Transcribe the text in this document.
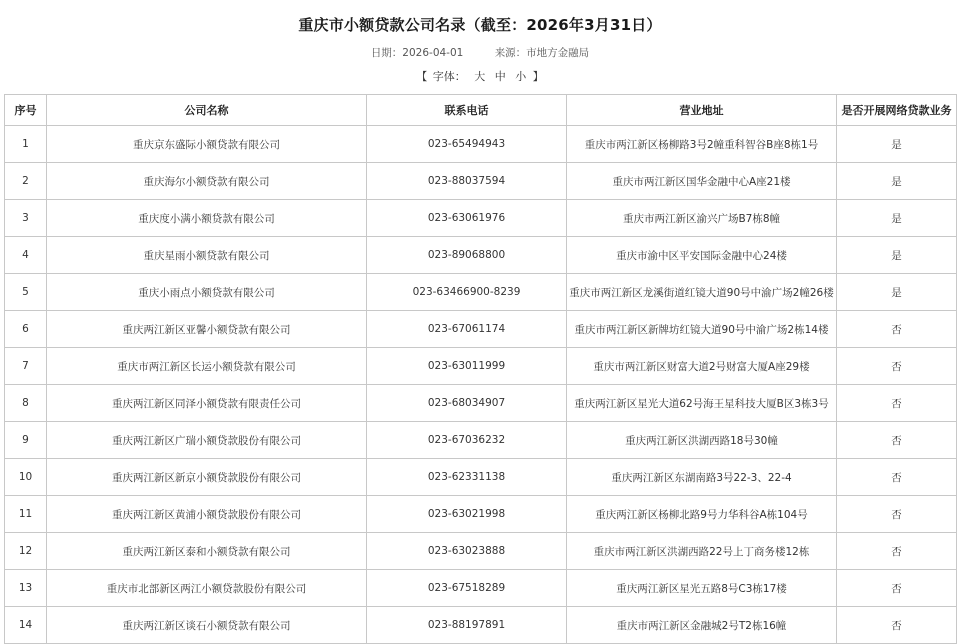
重庆市小额贷款公司名录（截至：2026年3月31日）
日期：2026-04-01	来源：市地方金融局
【 字体： 大 中 小 】
序号	公司名称	联系电话	营业地址	是否开展网络贷款业务
1	重庆京东盛际小额贷款有限公司	023-65494943	重庆市两江新区杨柳路3号2幢重科智谷B座8栋1号	是
2	重庆海尔小额贷款有限公司	023-88037594	重庆市两江新区国华金融中心A座21楼	是
3	重庆度小满小额贷款有限公司	023-63061976	重庆市两江新区渝兴广场B7栋8幢	是
4	重庆星雨小额贷款有限公司	023-89068800	重庆市渝中区平安国际金融中心24楼	是
5	重庆小雨点小额贷款有限公司	023-63466900-8239	重庆市两江新区龙溪街道红镜大道90号中渝广场2幢26楼	是
6	重庆两江新区亚馨小额贷款有限公司	023-67061174	重庆市两江新区新牌坊红镜大道90号中渝广场2栋14楼	否
7	重庆市两江新区长运小额贷款有限公司	023-63011999	重庆市两江新区财富大道2号财富大厦A座29楼	否
8	重庆两江新区同泽小额贷款有限责任公司	023-68034907	重庆两江新区星光大道62号海王星科技大厦B区3栋3号	否
9	重庆两江新区广瑞小额贷款股份有限公司	023-67036232	重庆两江新区洪湖西路18号30幢	否
10	重庆两江新区新京小额贷款股份有限公司	023-62331138	重庆两江新区东湖南路3号22-3、22-4	否
11	重庆两江新区黄浦小额贷款股份有限公司	023-63021998	重庆两江新区杨柳北路9号力华科谷A栋104号	否
12	重庆两江新区泰和小额贷款有限公司	023-63023888	重庆市两江新区洪湖西路22号上丁商务楼12栋	否
13	重庆市北部新区两江小额贷款股份有限公司	023-67518289	重庆两江新区星光五路8号C3栋17楼	否
14	重庆两江新区谈石小额贷款有限公司	023-88197891	重庆市两江新区金融城2号T2栋16幢	否
